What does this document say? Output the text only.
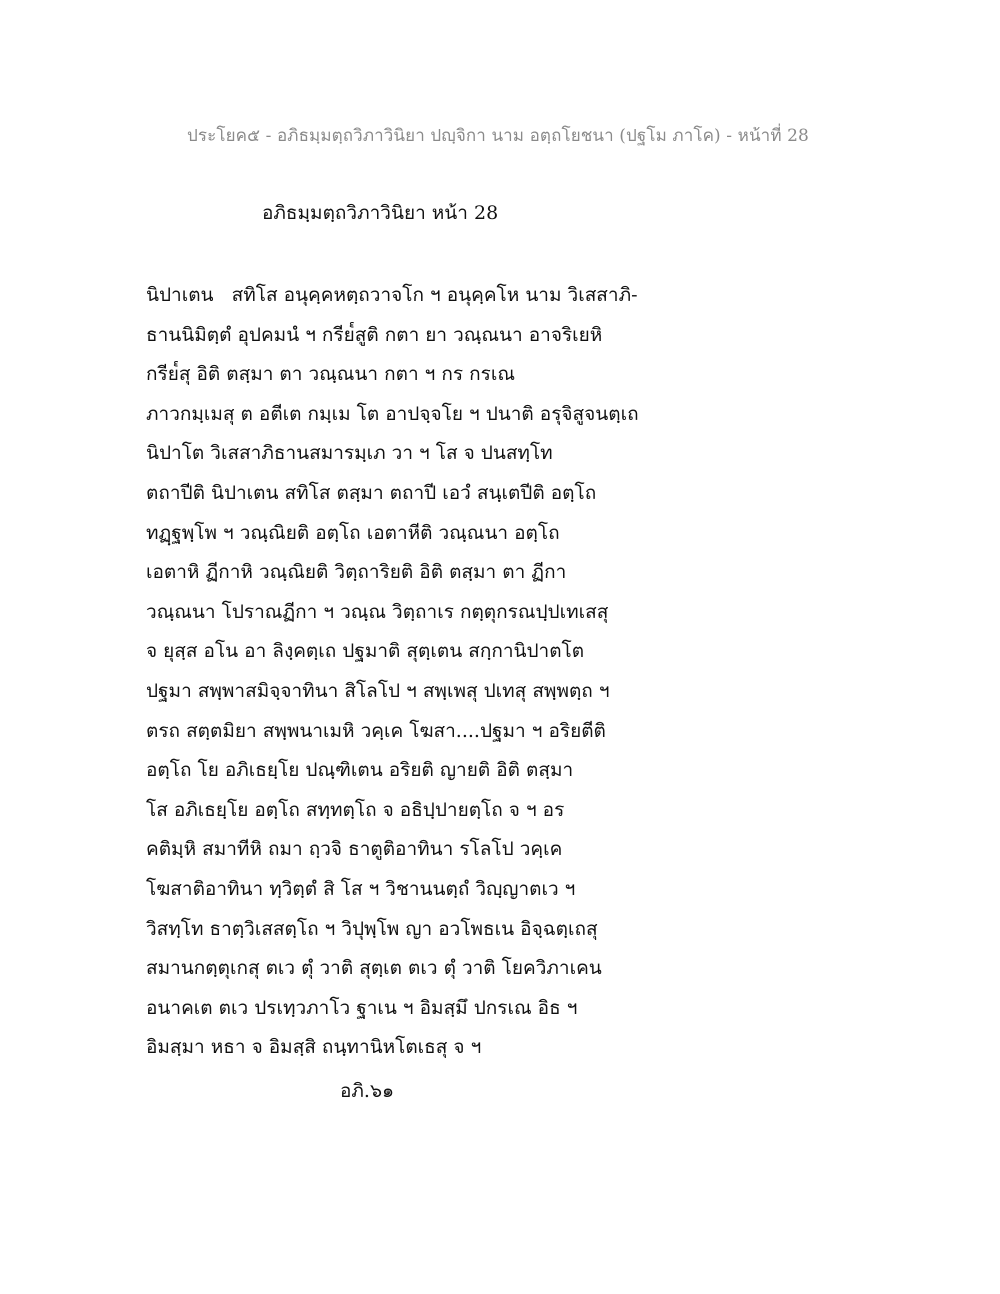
ประโยค๕ - อภิธมฺมตฺถวิภาวินิยา ปญฺจิกา นาม อตฺถโยชนา (ปฐโม ภาโค) - หน้าที่ 28
อภิธมฺมตฺถวิภาวินิยา หน้า 28
นิปาเตน   สทิโส อนุคฺคหตฺถวาจโก ฯ อนุคฺคโห นาม วิเสสาภิ-
ธานนิมิตฺตํ อุปคมนํ ฯ กรีย๎สูติ กตา ยา วณฺณนา อาจริเยหิ
กรีย๎สุ อิติ ตสฺมา ตา วณฺณนา กตา ฯ กร กรเณ
ภาวกมฺเมสุ ต อตีเต กมฺเม โต อาปจฺจโย ฯ ปนาติ อรุจิสูจนตฺเถ
นิปาโต วิเสสาภิธานสมารมฺเภ วา ฯ โส จ ปนสทฺโท
ตถาปีติ นิปาเตน สทิโส ตสฺมา ตถาปี เอวํ สนฺเตปีติ อตฺโถ
ทฏฺฐพฺโพ ฯ วณฺณิยติ อตฺโถ เอตาหีติ วณฺณนา อตฺโถ
เอตาหิ ฏีกาหิ วณฺณิยติ วิตฺถาริยติ อิติ ตสฺมา ตา ฏีกา
วณฺณนา โปราณฏีกา ฯ วณฺณ วิตฺถาเร กตฺตุกรณปฺปเทเสสุ
จ ยุสฺส อโน อา ลิงฺคตฺเถ ปฐมาติ สุตฺเตน สกฺกานิปาตโต
ปฐมา สพฺพาสมิจฺจาทินา สิโลโป ฯ สพฺเพสุ ปเทสุ สพฺพตฺถ ฯ
ตรถ สตฺตมิยา สพฺพนาเมหิ วคฺเค โฆสา....ปฐมา ฯ อริยตีติ
อตฺโถ โย อภิเธยฺโย ปณฺฑิเตน อริยติ ญายติ อิติ ตสฺมา
โส อภิเธยฺโย อตฺโถ สทฺทตฺโถ จ อธิปฺปายตฺโถ จ ฯ อร
คติมฺหิ สมาทีหิ ถมา ถฺวจิ ธาตูติอาทินา รโลโป วคฺเค
โฆสาติอาทินา ทฺวิตฺตํ สิ โส ฯ วิชานนตฺถํ วิญฺญาตเว ฯ
วิสทฺโท ธาตฺวิเสสตฺโถ ฯ วิปุพฺโพ ญา อวโพธเน อิจฺฉตฺเถสุ
สมานกตฺตุเกสุ ตเว ตุํ วาติ สุตฺเต ตเว ตุํ วาติ โยควิภาเคน
อนาคเต ตเว ปรเทฺวภาโว ฐาเน ฯ อิมสฺมึ ปกรเณ อิธ ฯ
อิมสฺมา หธา จ อิมสฺสิ ถนฺทานิหโตเธสุ จ ฯ
อภิ.๖๑
